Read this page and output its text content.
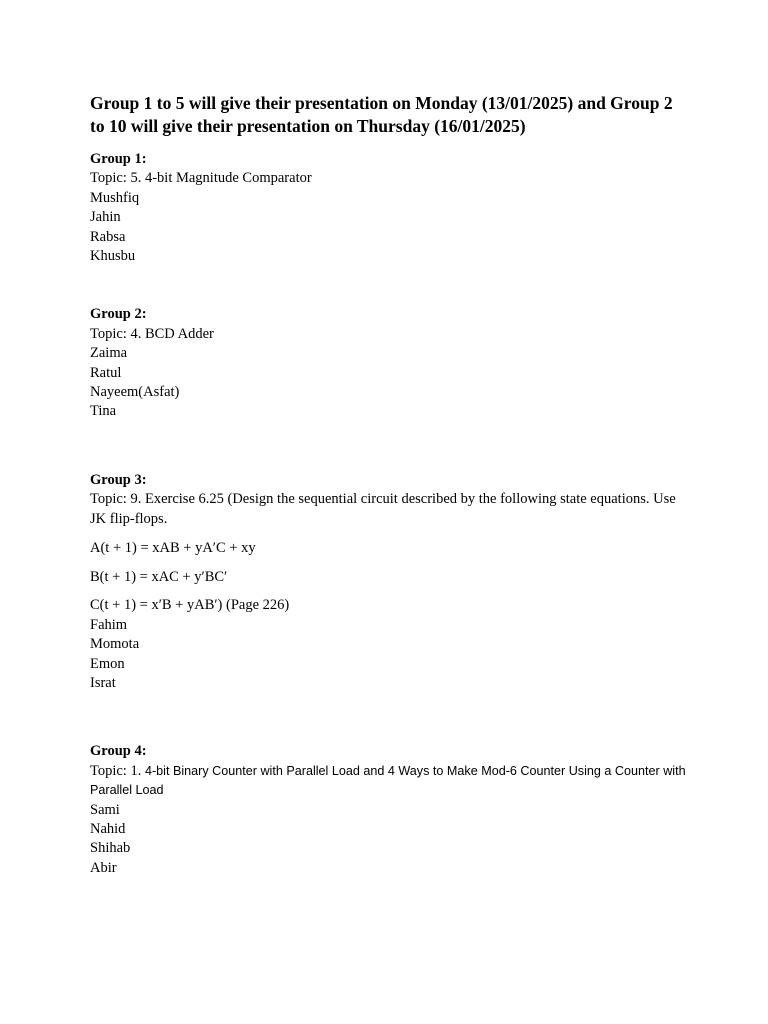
Group 1 to 5 will give their presentation on Monday (13/01/2025) and Group 2 to 10 will give their presentation on Thursday (16/01/2025)
Group 1:
Topic: 5. 4-bit Magnitude Comparator
Mushfiq
Jahin
Rabsa
Khusbu
Group 2:
Topic: 4. BCD Adder
Zaima
Ratul
Nayeem(Asfat)
Tina
Group 3:
Topic: 9. Exercise 6.25 (Design the sequential circuit described by the following state equations. Use JK flip-flops.
A(t + 1) = xAB + yA′C + xy
B(t + 1) = xAC + y′BC′
C(t + 1) = x′B + yAB′) (Page 226)
Fahim
Momota
Emon
Israt
Group 4:
Topic: 1. 4-bit Binary Counter with Parallel Load and 4 Ways to Make Mod-6 Counter Using a Counter with Parallel Load
Sami
Nahid
Shihab
Abir
